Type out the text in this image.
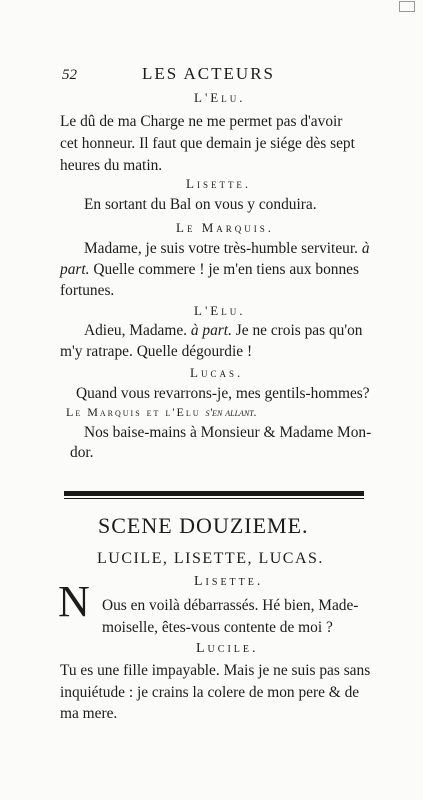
52	LES ACTEURS
L'Elu.
Le dû de ma Charge ne me permet pas d'avoir
cet honneur. Il faut que demain je siége dès sept
heures du matin.
Lisette.
En sortant du Bal on vous y conduira.
Le Marquis.
Madame, je suis votre très-humble serviteur. à
part. Quelle commere ! je m'en tiens aux bonnes
fortunes.
L'Elu.
Adieu, Madame. à part. Je ne crois pas qu'on
m'y ratrape. Quelle dégourdie !
Lucas.
Quand vous revarrons-je, mes gentils-hommes?
Le Marquis et l'Elu s'en allant.
Nos baise-mains à Monsieur & Madame Mon-
dor.
SCENE DOUZIEME.
LUCILE, LISETTE, LUCAS.
Lisette.
N Ous en voilà débarrassés. Hé bien, Made-
moiselle, êtes-vous contente de moi ?
Lucile.
Tu es une fille impayable. Mais je ne suis pas sans
inquiétude : je crains la colere de mon pere & de
ma mere.
